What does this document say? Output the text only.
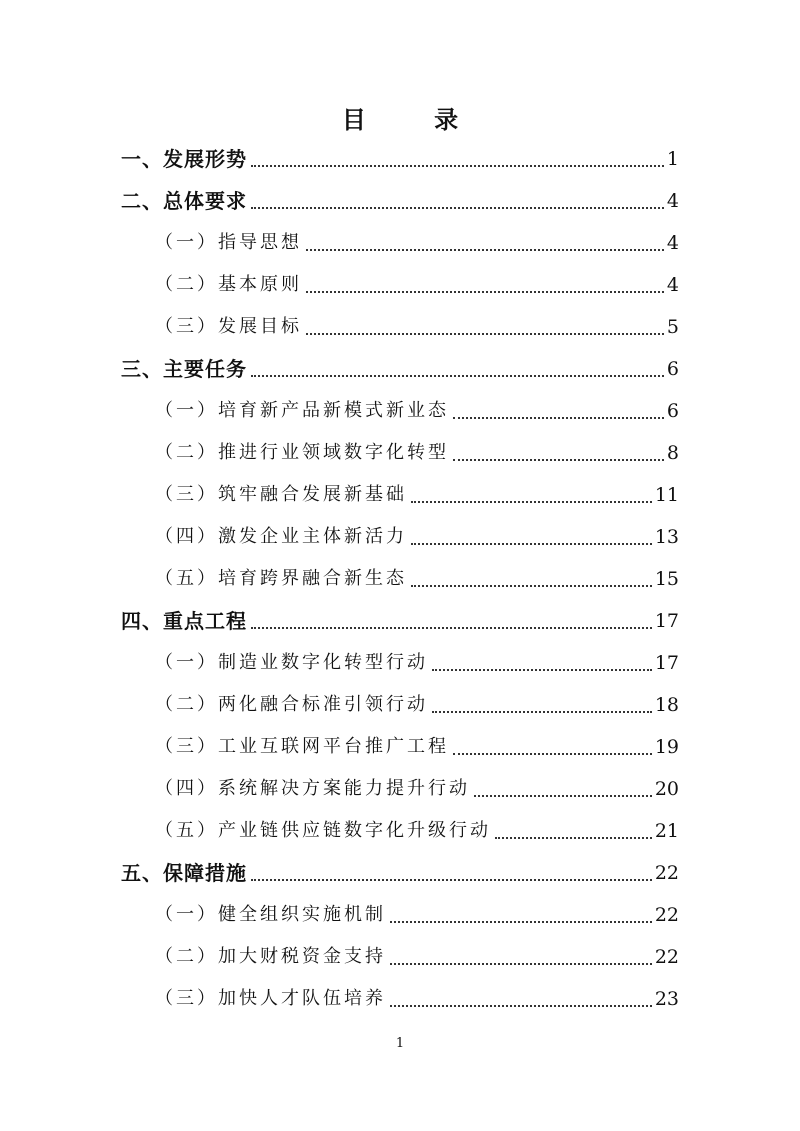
目 录
一、发展形势	1
二、总体要求	4
（一）指导思想	4
（二）基本原则	4
（三）发展目标	5
三、主要任务	6
（一）培育新产品新模式新业态	6
（二）推进行业领域数字化转型	8
（三）筑牢融合发展新基础	11
（四）激发企业主体新活力	13
（五）培育跨界融合新生态	15
四、重点工程	17
（一）制造业数字化转型行动	17
（二）两化融合标准引领行动	18
（三）工业互联网平台推广工程	19
（四）系统解决方案能力提升行动	20
（五）产业链供应链数字化升级行动	21
五、保障措施	22
（一）健全组织实施机制	22
（二）加大财税资金支持	22
（三）加快人才队伍培养	23
1
